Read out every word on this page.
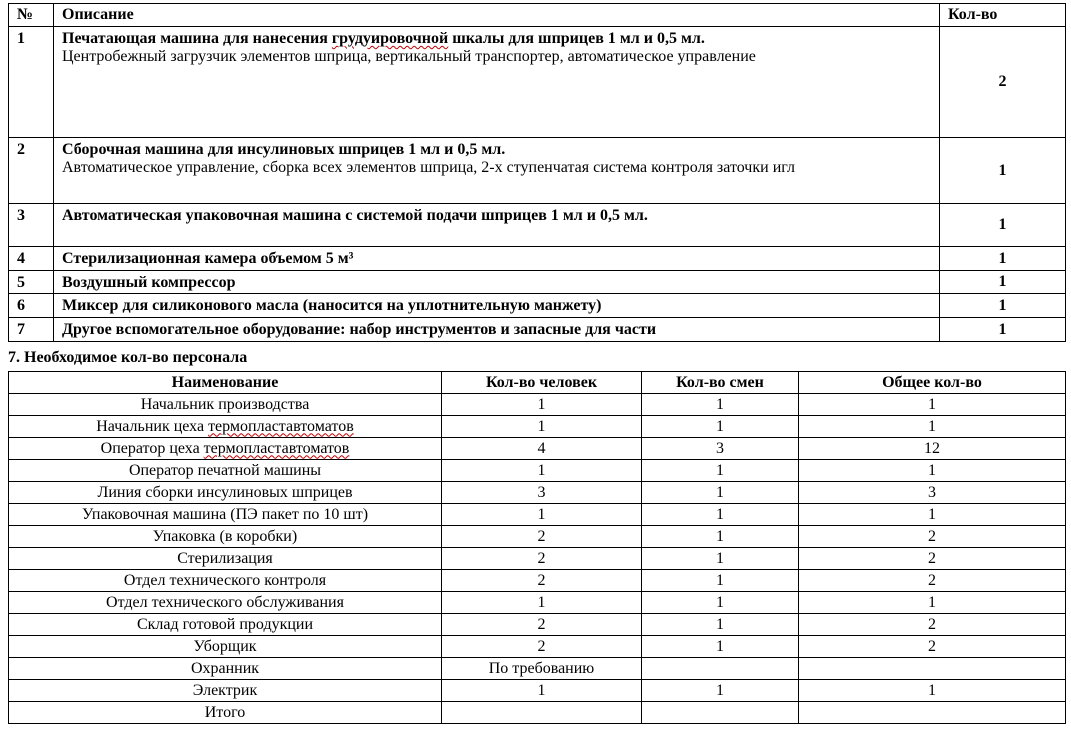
№	Описание	Кол-во
1	Печатающая машина для нанесения грудуировочной шкалы для шприцев 1 мл и 0,5 мл.
Центробежный загрузчик элементов шприца, вертикальный транспортер, автоматическое управление	2
2	Сборочная машина для инсулиновых шприцев 1 мл и 0,5 мл.
Автоматическое управление, сборка всех элементов шприца, 2-х ступенчатая система контроля заточки игл	1
3	Автоматическая упаковочная машина с системой подачи шприцев 1 мл и 0,5 мл.	1
4	Стерилизационная камера объемом 5 м³	1
5	Воздушный компрессор	1
6	Миксер для силиконового масла (наносится на уплотнительную манжету)	1
7	Другое вспомогательное оборудование: набор инструментов и запасные для части	1
7. Необходимое кол-во персонала
Наименование	Кол-во человек	Кол-во смен	Общее кол-во
Начальник производства	1	1	1
Начальник цеха термопластавтоматов	1	1	1
Оператор цеха термопластавтоматов	4	3	12
Оператор печатной машины	1	1	1
Линия сборки инсулиновых шприцев	3	1	3
Упаковочная машина (ПЭ пакет по 10 шт)	1	1	1
Упаковка (в коробки)	2	1	2
Стерилизация	2	1	2
Отдел технического контроля	2	1	2
Отдел технического обслуживания	1	1	1
Склад готовой продукции	2	1	2
Уборщик	2	1	2
Охранник	По требованию		
Электрик	1	1	1
Итого			
